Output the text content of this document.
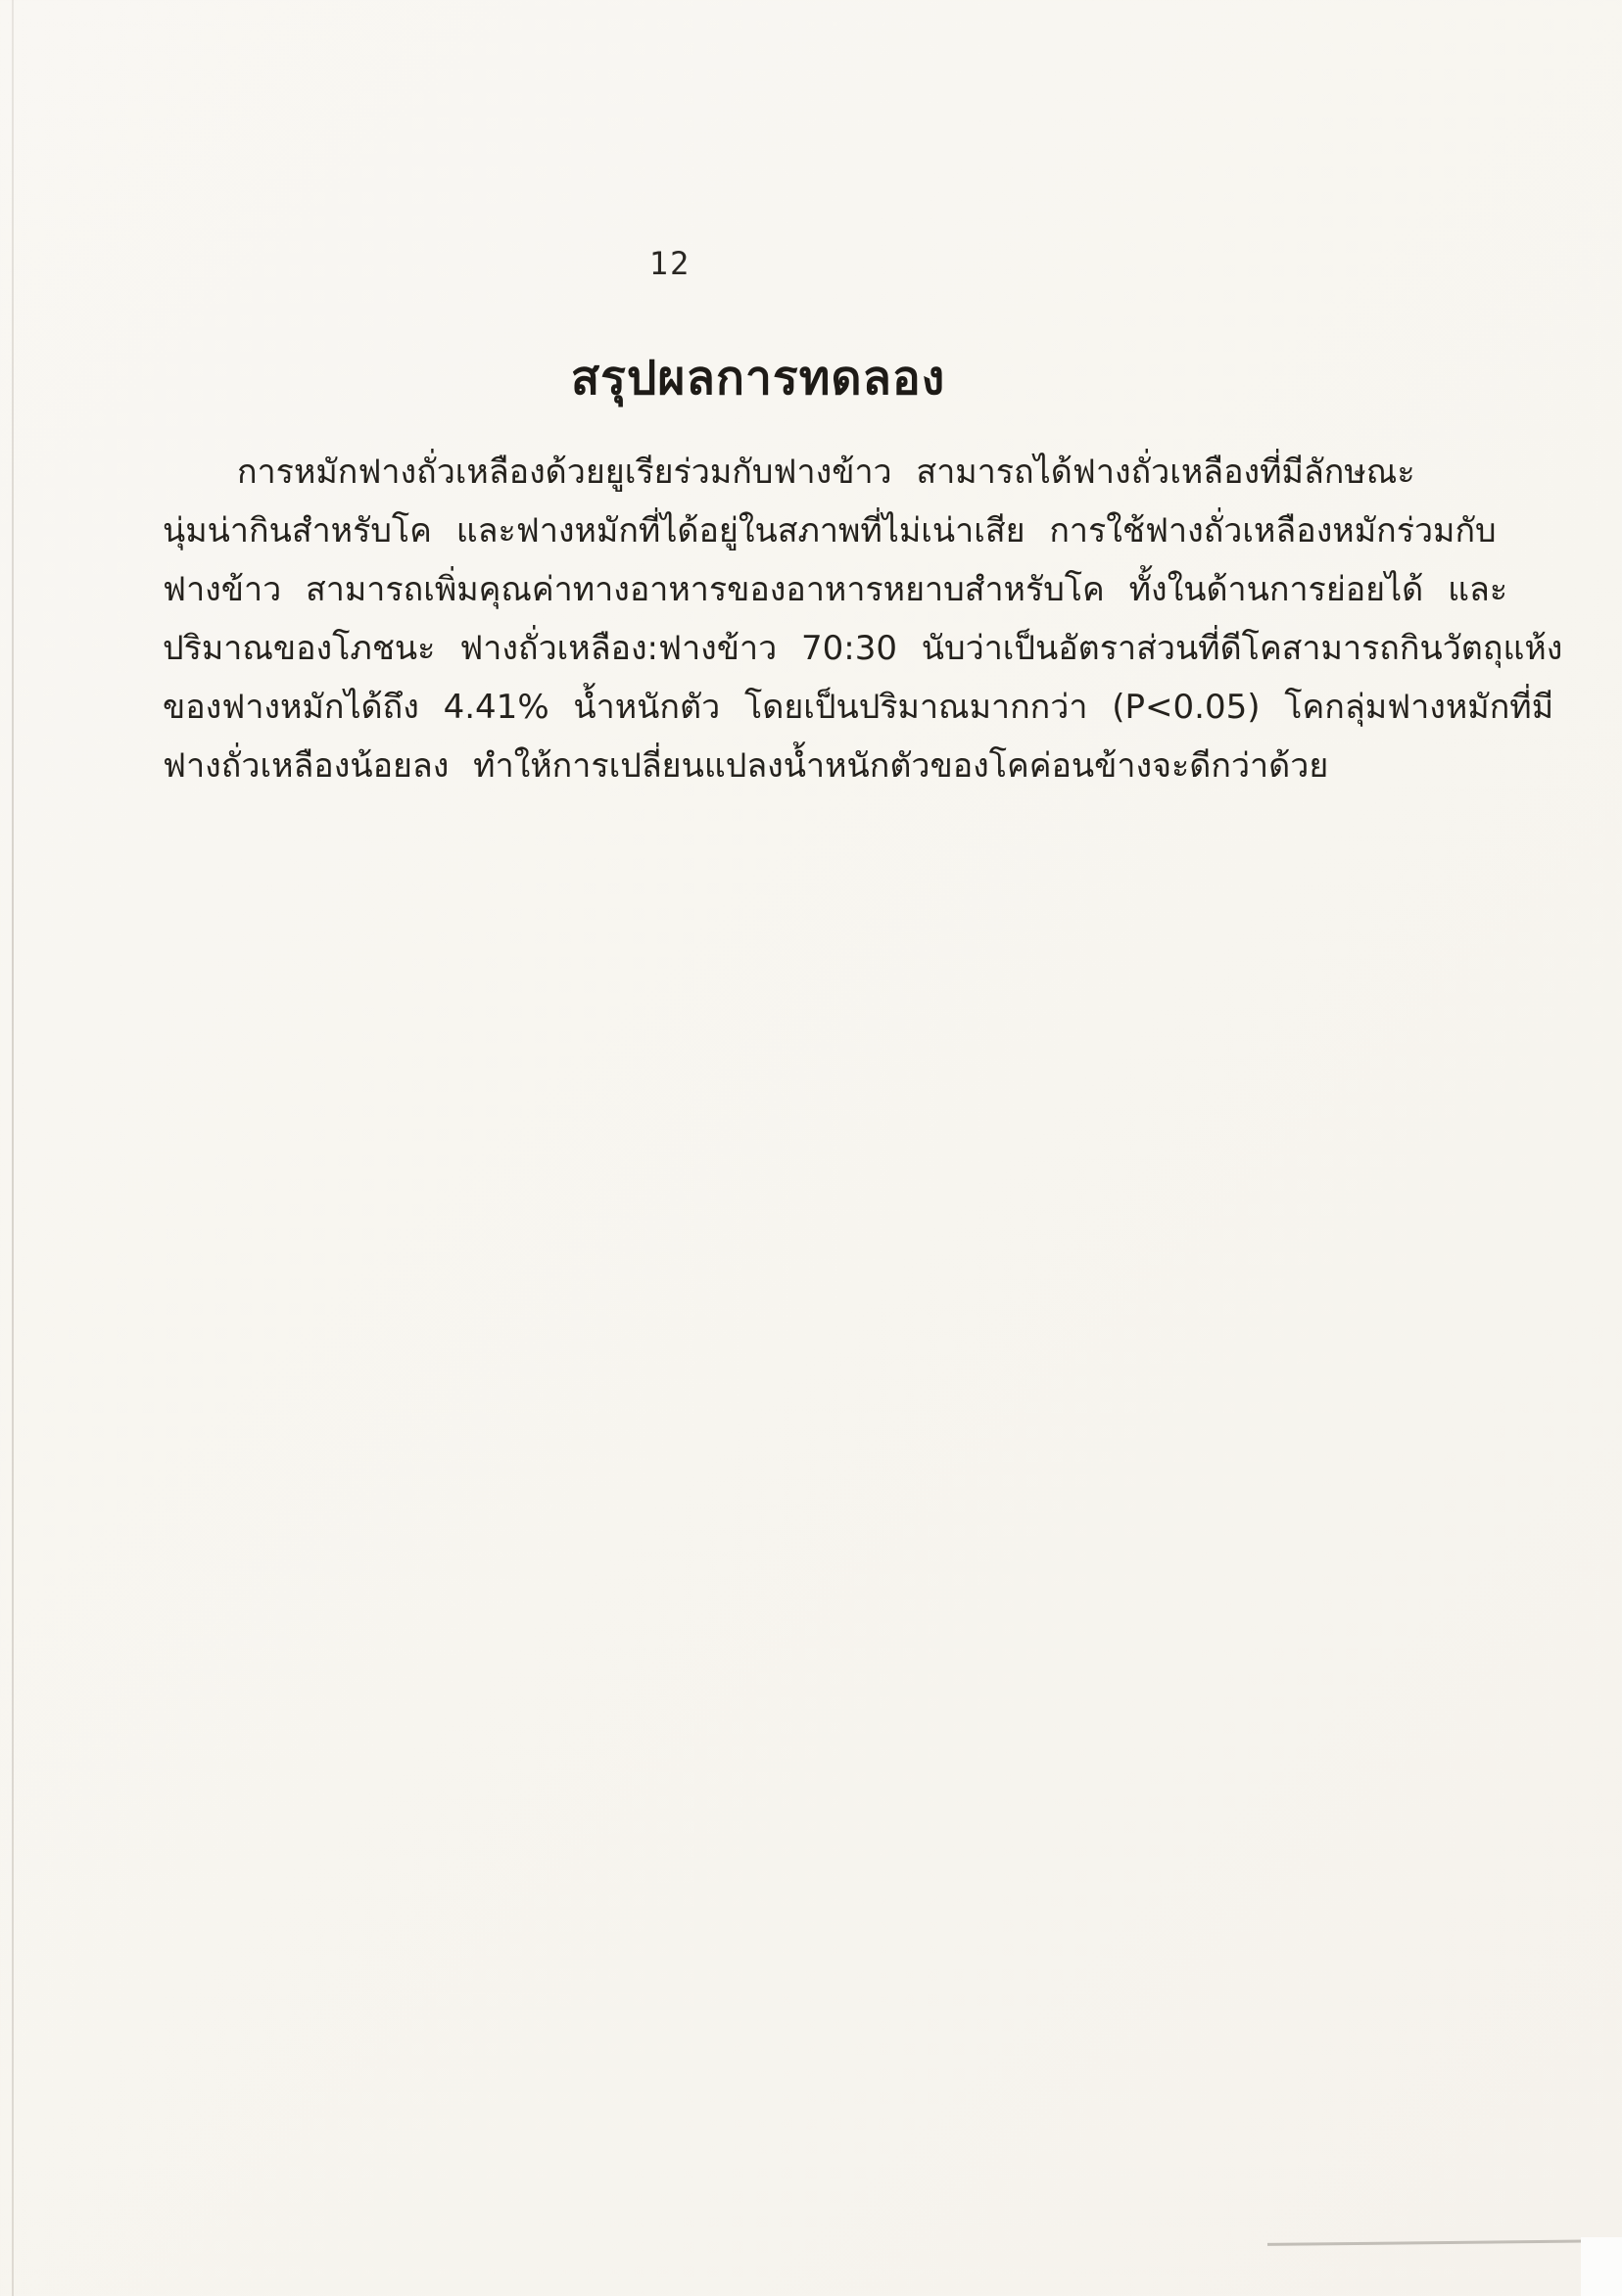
12
สรุปผลการทดลอง
การหมักฟางถั่วเหลืองด้วยยูเรียร่วมกับฟางข้าว สามารถได้ฟางถั่วเหลืองที่มีลักษณะ
นุ่มน่ากินสำหรับโค และฟางหมักที่ได้อยู่ในสภาพที่ไม่เน่าเสีย การใช้ฟางถั่วเหลืองหมักร่วมกับ
ฟางข้าว สามารถเพิ่มคุณค่าทางอาหารของอาหารหยาบสำหรับโค ทั้งในด้านการย่อยได้ และ
ปริมาณของโภชนะ ฟางถั่วเหลือง:ฟางข้าว 70:30 นับว่าเป็นอัตราส่วนที่ดีโคสามารถกินวัตถุแห้ง
ของฟางหมักได้ถึง 4.41% น้ำหนักตัว โดยเป็นปริมาณมากกว่า (P<0.05) โคกลุ่มฟางหมักที่มี
ฟางถั่วเหลืองน้อยลง ทำให้การเปลี่ยนแปลงน้ำหนักตัวของโคค่อนข้างจะดีกว่าด้วย
